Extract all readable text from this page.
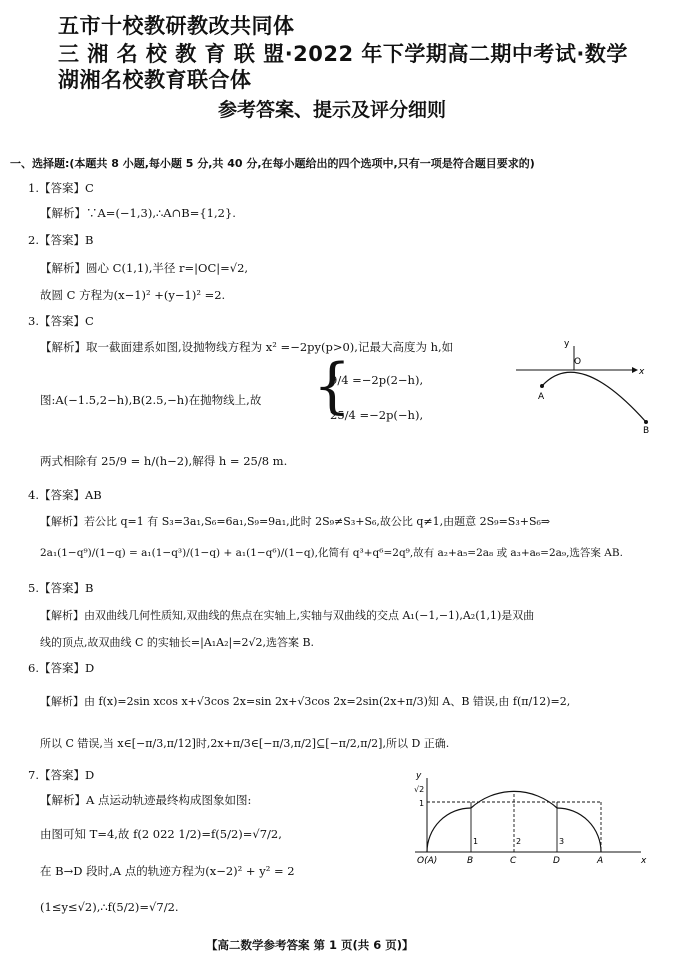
五市十校教研教改共同体
三 湘 名 校 教 育 联 盟·2022 年下学期高二期中考试·数学
湖湘名校教育联合体
参考答案、提示及评分细则
一、选择题:(本题共 8 小题,每小题 5 分,共 40 分,在每小题给出的四个选项中,只有一项是符合题目要求的)
1.【答案】C
【解析】∵A=(−1,3),∴A∩B={1,2}.
2.【答案】B
【解析】圆心 C(1,1),半径 r=|OC|=√2,
故圆 C 方程为(x−1)² +(y−1)² =2.
3.【答案】C
【解析】取一截面建系如图,设抛物线方程为 x² =−2py(p>0),记最大高度为 h,如
图:A(−1.5,2−h),B(2.5,−h)在抛物线上,故 {
9/4 =−2p(2−h),
25/4 =−2p(−h),
两式相除有 25/9 = h/(h−2),解得 h = 25/8 m.
y
O
x
A
B
4.【答案】AB
【解析】若公比 q=1 有 S₃=3a₁,S₆=6a₁,S₉=9a₁,此时 2S₉≠S₃+S₆,故公比 q≠1,由题意 2S₉=S₃+S₆⇒
2a₁(1−q⁹)/(1−q) = a₁(1−q³)/(1−q) + a₁(1−q⁶)/(1−q),化简有 q³+q⁶=2q⁹,故有 a₂+a₅=2a₈ 或 a₃+a₆=2a₉,选答案 AB.
5.【答案】B
【解析】由双曲线几何性质知,双曲线的焦点在实轴上,实轴与双曲线的交点 A₁(−1,−1),A₂(1,1)是双曲
线的顶点,故双曲线 C 的实轴长=|A₁A₂|=2√2,选答案 B.
6.【答案】D
【解析】由 f(x)=2sin xcos x+√3cos 2x=sin 2x+√3cos 2x=2sin(2x+π/3)知 A、B 错误,由 f(π/12)=2,
所以 C 错误,当 x∈[−π/3,π/12]时,2x+π/3∈[−π/3,π/2]⊆[−π/2,π/2],所以 D 正确.
7.【答案】D
【解析】A 点运动轨迹最终构成图象如图:
由图可知 T=4,故 f(2 022 1/2)=f(5/2)=√7/2,
在 B→D 段时,A 点的轨迹方程为(x−2)² + y² = 2
(1≤y≤√2),∴f(5/2)=√7/2.
y
√2
1
1	2	3
O(A)	B	C	D	A	x
【高二数学参考答案 第 1 页(共 6 页)】
